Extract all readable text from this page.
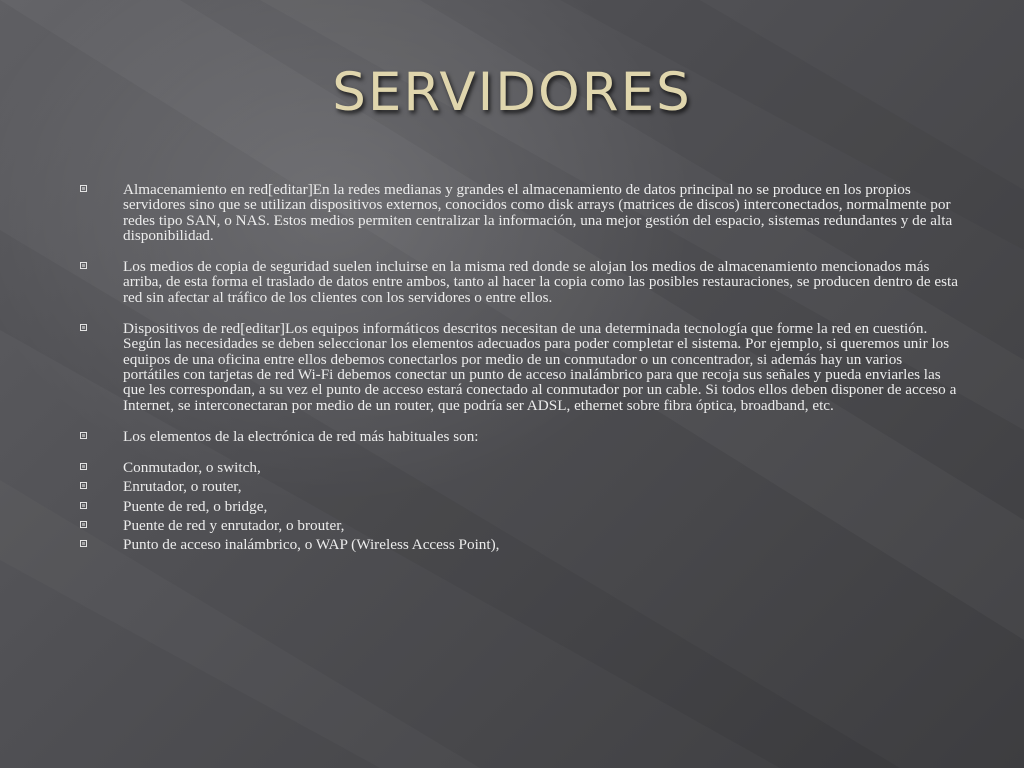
SERVIDORES
Almacenamiento en red[editar]En la redes medianas y grandes el almacenamiento de datos principal no se produce en los propios servidores sino que se utilizan dispositivos externos, conocidos como disk arrays (matrices de discos) interconectados, normalmente por redes tipo SAN, o NAS. Estos medios permiten centralizar la información, una mejor gestión del espacio, sistemas redundantes y de alta disponibilidad.
Los medios de copia de seguridad suelen incluirse en la misma red donde se alojan los medios de almacenamiento mencionados más arriba, de esta forma el traslado de datos entre ambos, tanto al hacer la copia como las posibles restauraciones, se producen dentro de esta red sin afectar al tráfico de los clientes con los servidores o entre ellos.
Dispositivos de red[editar]Los equipos informáticos descritos necesitan de una determinada tecnología que forme la red en cuestión. Según las necesidades se deben seleccionar los elementos adecuados para poder completar el sistema. Por ejemplo, si queremos unir los equipos de una oficina entre ellos debemos conectarlos por medio de un conmutador o un concentrador, si además hay un varios portátiles con tarjetas de red Wi-Fi debemos conectar un punto de acceso inalámbrico para que recoja sus señales y pueda enviarles las que les correspondan, a su vez el punto de acceso estará conectado al conmutador por un cable. Si todos ellos deben disponer de acceso a Internet, se interconectaran por medio de un router, que podría ser ADSL, ethernet sobre fibra óptica, broadband, etc.
Los elementos de la electrónica de red más habituales son:
Conmutador, o switch,
Enrutador, o router,
Puente de red, o bridge,
Puente de red y enrutador, o brouter,
Punto de acceso inalámbrico, o WAP (Wireless Access Point),
